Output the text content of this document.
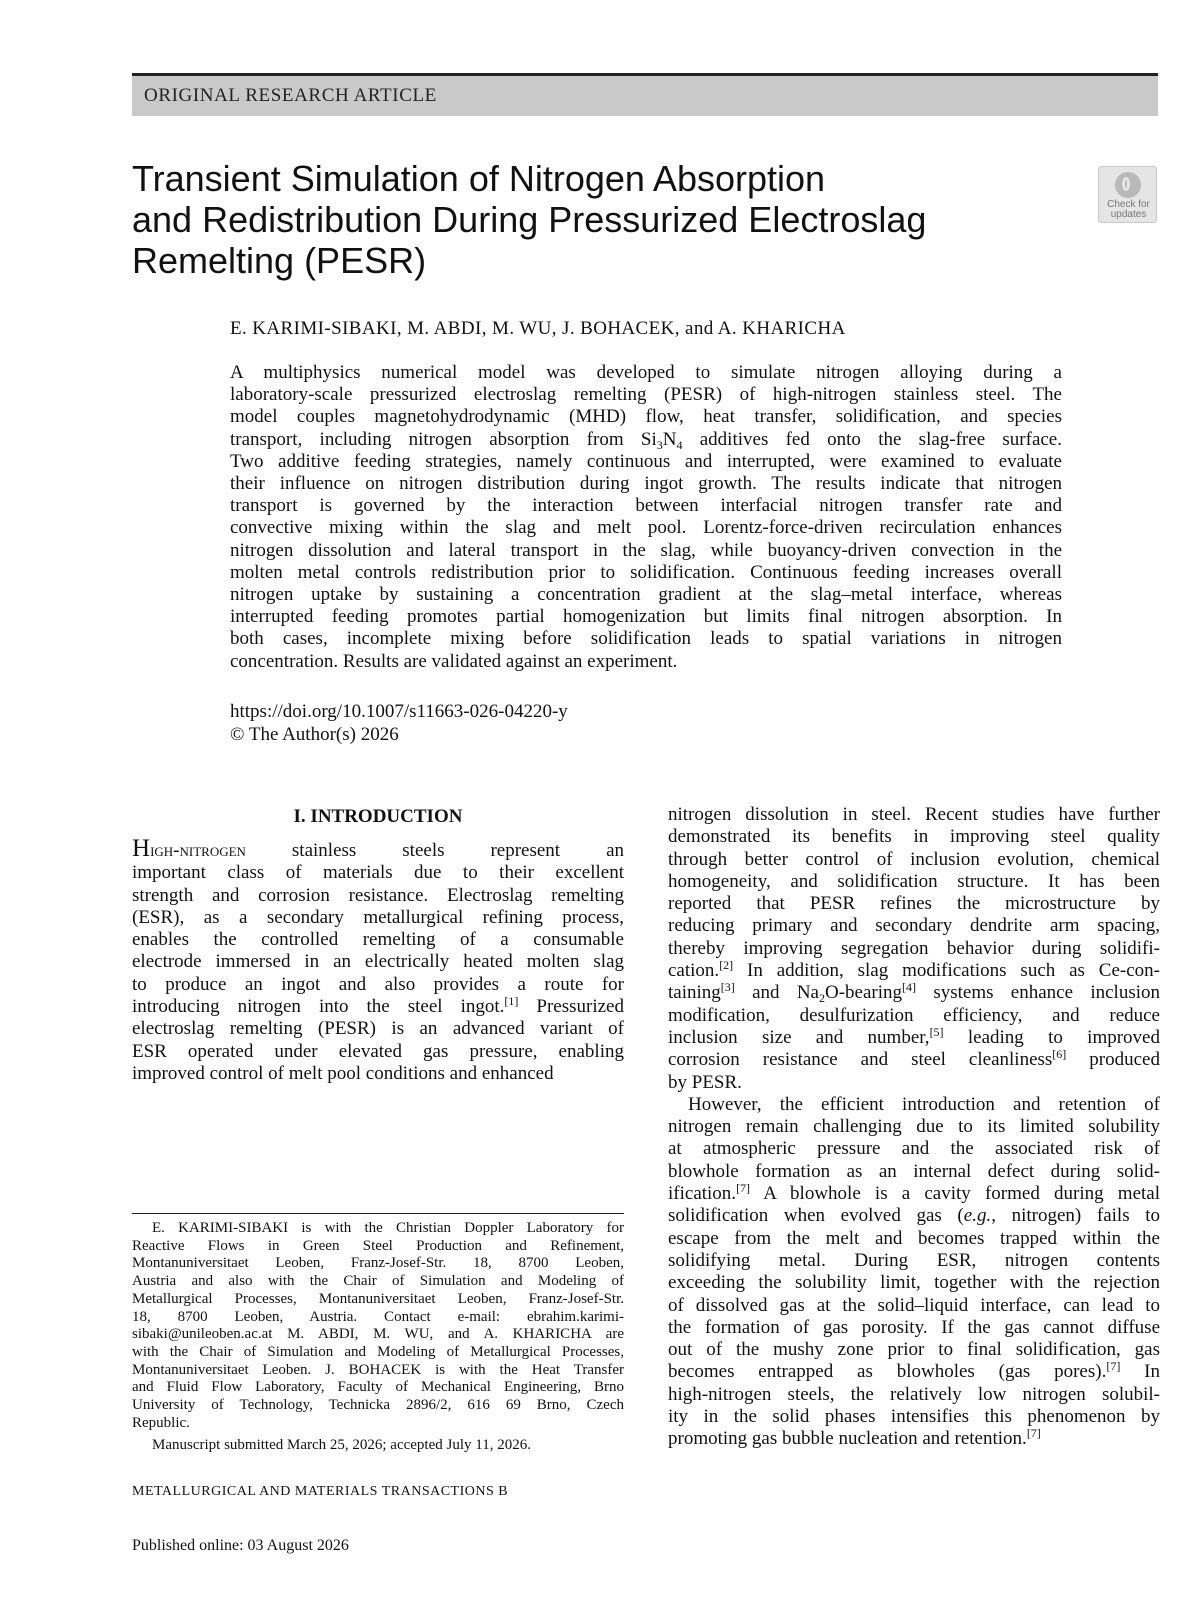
ORIGINAL RESEARCH ARTICLE
Transient Simulation of Nitrogen Absorption
and Redistribution During Pressurized Electroslag
Remelting (PESR)
Check for
updates
E. KARIMI-SIBAKI, M. ABDI, M. WU, J. BOHACEK, and A. KHARICHA

A multiphysics numerical model was developed to simulate nitrogen alloying during a
laboratory-scale pressurized electroslag remelting (PESR) of high-nitrogen stainless steel. The
model couples magnetohydrodynamic (MHD) flow, heat transfer, solidification, and species
transport, including nitrogen absorption from $Si_3N_4$ additives fed onto the slag-free surface.
Two additive feeding strategies, namely continuous and interrupted, were examined to evaluate
their influence on nitrogen distribution during ingot growth. The results indicate that nitrogen
transport is governed by the interaction between interfacial nitrogen transfer rate and
convective mixing within the slag and melt pool. Lorentz-force-driven recirculation enhances
nitrogen dissolution and lateral transport in the slag, while buoyancy-driven convection in the
molten metal controls redistribution prior to solidification. Continuous feeding increases overall
nitrogen uptake by sustaining a concentration gradient at the slag–metal interface, whereas
interrupted feeding promotes partial homogenization but limits final nitrogen absorption. In
both cases, incomplete mixing before solidification leads to spatial variations in nitrogen
concentration. Results are validated against an experiment.

https://doi.org/10.1007/s11663-026-04220-y
© The Author(s) 2026
I. INTRODUCTION

High-nitrogen stainless steels represent an
important class of materials due to their excellent
strength and corrosion resistance. Electroslag remelting
(ESR), as a secondary metallurgical refining process,
enables the controlled remelting of a consumable
electrode immersed in an electrically heated molten slag
to produce an ingot and also provides a route for
introducing nitrogen into the steel ingot.[1] Pressurized
electroslag remelting (PESR) is an advanced variant of
ESR operated under elevated gas pressure, enabling
improved control of melt pool conditions and enhanced

nitrogen dissolution in steel. Recent studies have further
demonstrated its benefits in improving steel quality
through better control of inclusion evolution, chemical
homogeneity, and solidification structure. It has been
reported that PESR refines the microstructure by
reducing primary and secondary dendrite arm spacing,
thereby improving segregation behavior during solidifi-
cation.[2] In addition, slag modifications such as Ce-con-
taining[3] and $Na_2O-bearing[4]$ systems enhance inclusion
modification, desulfurization efficiency, and reduce
inclusion size and number,[5] leading to improved
corrosion resistance and steel cleanliness[6] produced
by PESR.
However, the efficient introduction and retention of
nitrogen remain challenging due to its limited solubility
at atmospheric pressure and the associated risk of
blowhole formation as an internal defect during solid-
ification.[7] A blowhole is a cavity formed during metal
solidification when evolved gas (e.g., nitrogen) fails to
escape from the melt and becomes trapped within the
solidifying metal. During ESR, nitrogen contents
exceeding the solubility limit, together with the rejection
of dissolved gas at the solid–liquid interface, can lead to
the formation of gas porosity. If the gas cannot diffuse
out of the mushy zone prior to final solidification, gas
becomes entrapped as blowholes (gas pores).[7] In
high-nitrogen steels, the relatively low nitrogen solubil-
ity in the solid phases intensifies this phenomenon by
promoting gas bubble nucleation and retention.[7]

E. KARIMI-SIBAKI is with the Christian Doppler Laboratory for
Reactive Flows in Green Steel Production and Refinement,
Montanuniversitaet Leoben, Franz-Josef-Str. 18, 8700 Leoben,
Austria and also with the Chair of Simulation and Modeling of
Metallurgical Processes, Montanuniversitaet Leoben, Franz-Josef-Str.
18, 8700 Leoben, Austria. Contact e-mail: ebrahim.karimi-
sibaki@unileoben.ac.at M. ABDI, M. WU, and A. KHARICHA are
with the Chair of Simulation and Modeling of Metallurgical Processes,
Montanuniversitaet Leoben. J. BOHACEK is with the Heat Transfer
and Fluid Flow Laboratory, Faculty of Mechanical Engineering, Brno
University of Technology, Technicka 2896/2, 616 69 Brno, Czech
Republic.

Manuscript submitted March 25, 2026; accepted July 11, 2026.
METALLURGICAL AND MATERIALS TRANSACTIONS B
Published online: 03 August 2026
